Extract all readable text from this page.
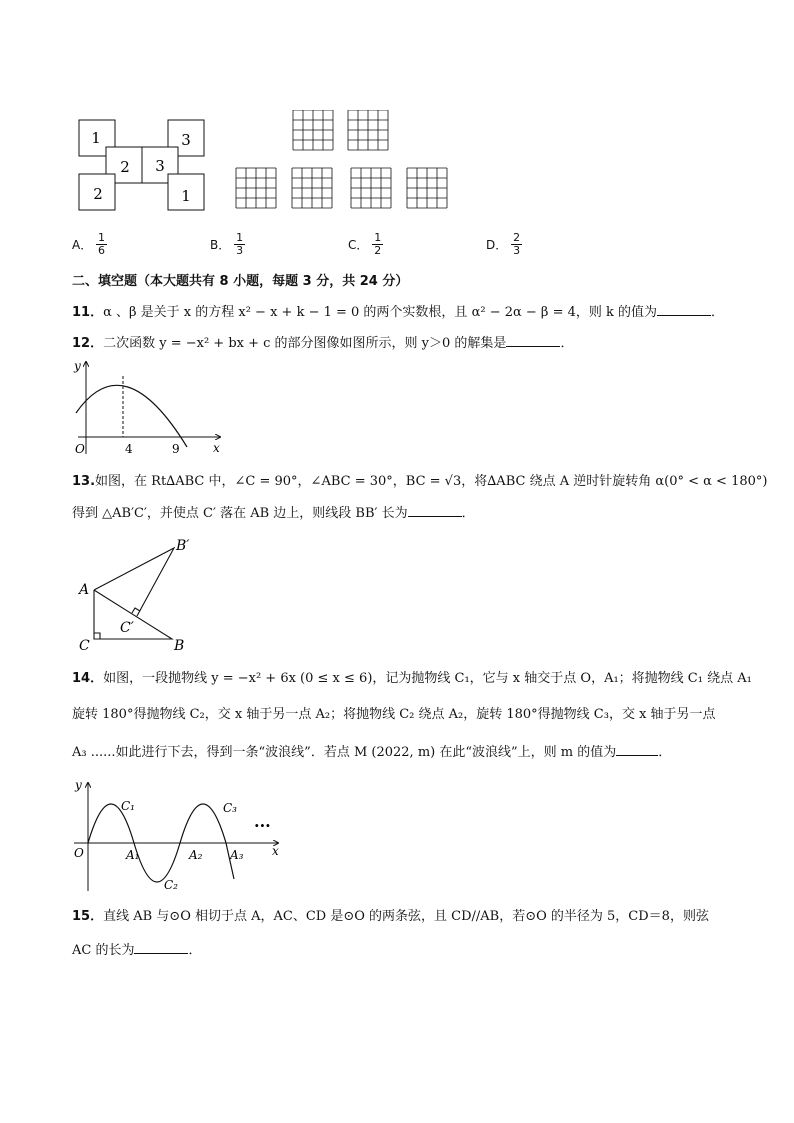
1	3
2 3
2	1
A． $\frac{1}{6}$	B． $\frac{1}{3}$	C． $\frac{1}{2}$	D． $\frac{2}{3}$
二、填空题（本大题共有 8 小题，每题 3 分，共 24 分）
11．α 、β 是关于 x 的方程 x² − x + k − 1 = 0 的两个实数根，且 α² − 2α − β = 4，则 k 的值为	．
12．二次函数 y = −x² + bx + c 的部分图像如图所示，则 y＞0 的解集是	．
y
x
O	4	9
13.如图，在 Rt∆ABC 中，∠C = 90°，∠ABC = 30°，BC = √3，将∆ABC 绕点 A 逆时针旋转角 α(0° < α < 180°)
得到 △AB′C′，并使点 C′ 落在 AB 边上，则线段 BB′ 长为	．
A
B′
C′
C	B
14．如图，一段抛物线 y = −x² + 6x (0 ≤ x ≤ 6)，记为抛物线 C₁，它与 x 轴交于点 O，A₁；将抛物线 C₁ 绕点 A₁
旋转 180°得抛物线 C₂，交 x 轴于另一点 A₂；将抛物线 C₂ 绕点 A₂，旋转 180°得抛物线 C₃，交 x 轴于另一点
A₃ ......如此进行下去，得到一条“波浪线”．若点 M (2022, m) 在此“波浪线”上，则 m 的值为	．
y
x
O
C₁
C₂
C₃
A₁	A₂ A₃
···
15．直线 AB 与⊙O 相切于点 A，AC、CD 是⊙O 的两条弦，且 CD//AB，若⊙O 的半径为 5，CD＝8，则弦
AC 的长为	．
